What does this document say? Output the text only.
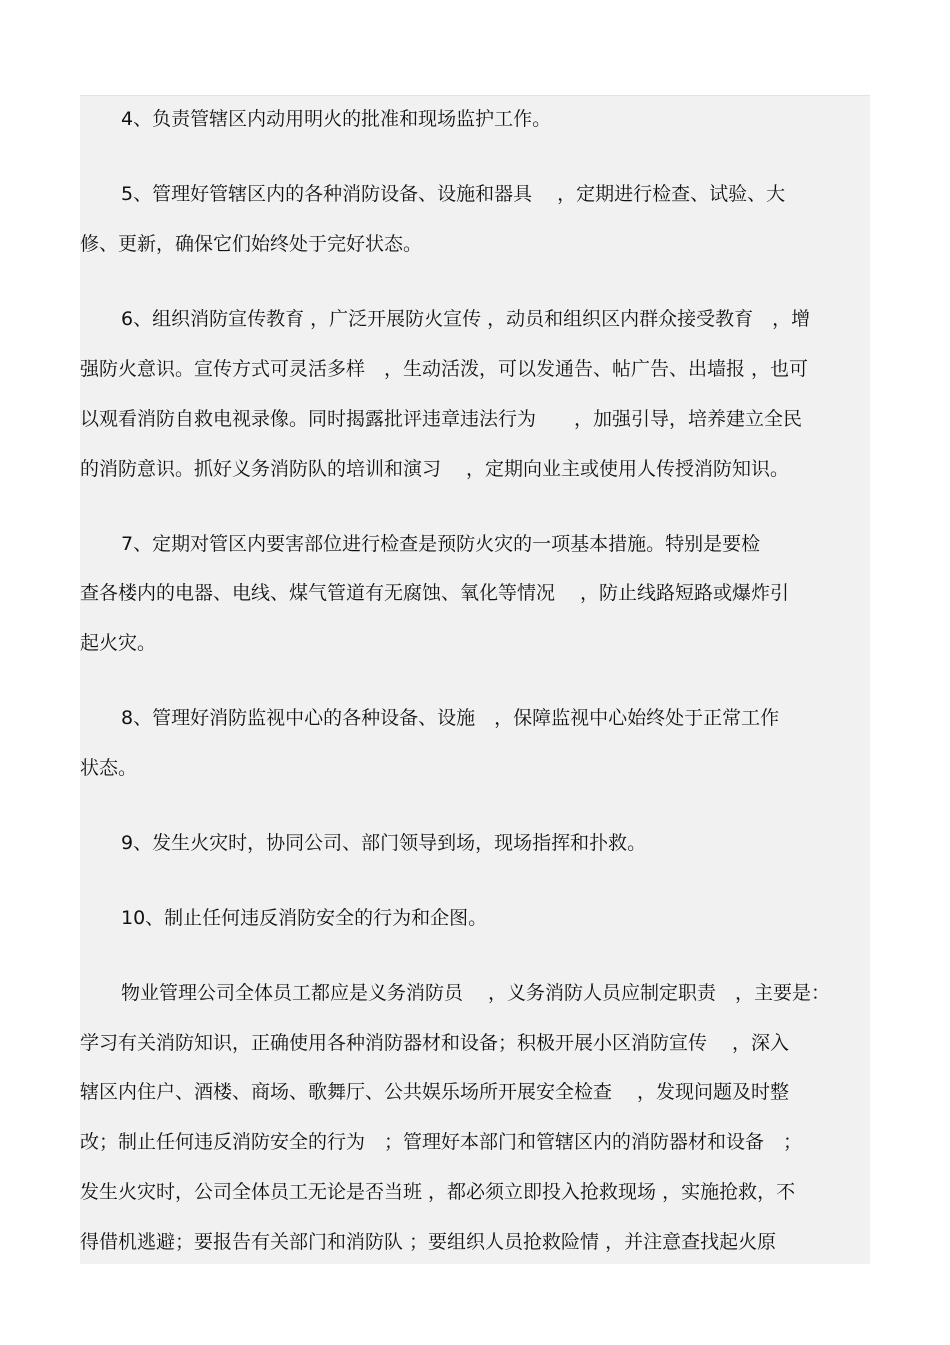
4、负责管辖区内动用明火的批准和现场监护工作。

5、管理好管辖区内的各种消防设备、设施和器具　 ，定期进行检查、试验、大

修、更新，确保它们始终处于完好状态。

6、组织消防宣传教育 ，广泛开展防火宣传 ，动员和组织区内群众接受教育　，增

强防火意识。宣传方式可灵活多样　，生动活泼，可以发通告、帖广告、出墙报 ，也可

以观看消防自救电视录像。同时揭露批评违章违法行为　　，加强引导，培养建立全民

的消防意识。抓好义务消防队的培训和演习　 ，定期向业主或使用人传授消防知识。

7、定期对管区内要害部位进行检查是预防火灾的一项基本措施。特别是要检

查各楼内的电器、电线、煤气管道有无腐蚀、氧化等情况　 ，防止线路短路或爆炸引

起火灾。

8、管理好消防监视中心的各种设备、设施　，保障监视中心始终处于正常工作

状态。

9、发生火灾时，协同公司、部门领导到场，现场指挥和扑救。

10、制止任何违反消防安全的行为和企图。

物业管理公司全体员工都应是义务消防员　 ，义务消防人员应制定职责　，主要是：

学习有关消防知识，正确使用各种消防器材和设备；积极开展小区消防宣传　 ，深入

辖区内住户、酒楼、商场、歌舞厅、公共娱乐场所开展安全检查　 ，发现问题及时整

改；制止任何违反消防安全的行为　；管理好本部门和管辖区内的消防器材和设备　；

发生火灾时，公司全体员工无论是否当班 ，都必须立即投入抢救现场 ，实施抢救，不

得借机逃避；要报告有关部门和消防队 ；要组织人员抢救险情 ，并注意查找起火原
